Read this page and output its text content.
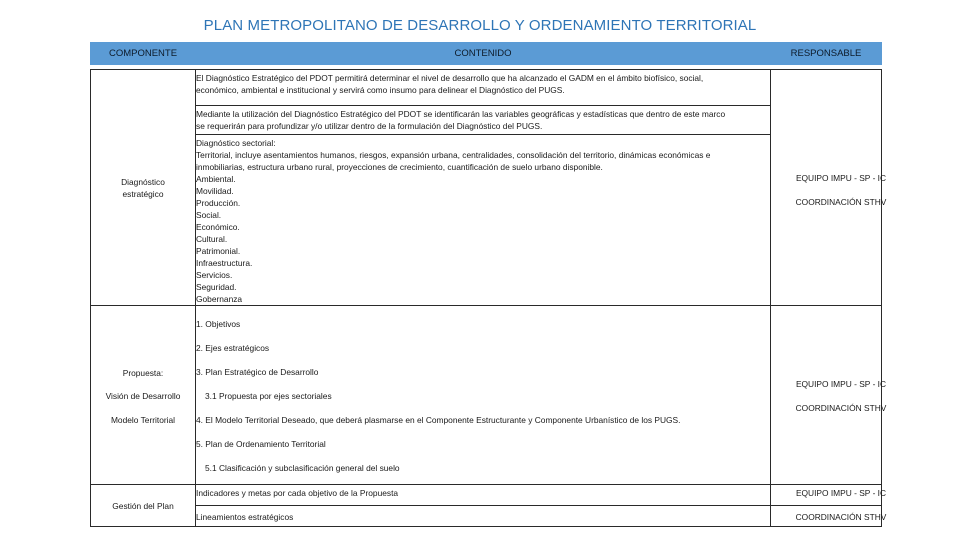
PLAN METROPOLITANO DE DESARROLLO Y ORDENAMIENTO TERRITORIAL
COMPONENTE	CONTENIDO	RESPONSABLE
Diagnóstico
estratégico
El Diagnóstico Estratégico del PDOT permitirá determinar el nivel de desarrollo que ha alcanzado el GADM en el ámbito biofísico, social,
económico, ambiental e institucional y servirá como insumo para delinear el Diagnóstico del PUGS.
Mediante la utilización del Diagnóstico Estratégico del PDOT se identificarán las variables geográficas y estadísticas que dentro de este marco
se requerirán para profundizar y/o utilizar dentro de la formulación del Diagnóstico del PUGS.
Diagnóstico sectorial:
Territorial, incluye asentamientos humanos, riesgos, expansión urbana, centralidades, consolidación del territorio, dinámicas económicas e
inmobiliarias, estructura urbano rural, proyecciones de crecimiento, cuantificación de suelo urbano disponible.
Ambiental.
Movilidad.
Producción.
Social.
Económico.
Cultural.
Patrimonial.
Infraestructura.
Servicios.
Seguridad.
Gobernanza
EQUIPO IMPU - SP - IC
COORDINACIÓN STHV
Propuesta:
Visión de Desarrollo
Modelo Territorial
1. Objetivos
2. Ejes estratégicos
3. Plan Estratégico de Desarrollo
3.1 Propuesta por ejes sectoriales
4. El Modelo Territorial Deseado, que deberá plasmarse en el Componente Estructurante y Componente Urbanístico de los PUGS.
5. Plan de Ordenamiento Territorial
5.1 Clasificación y subclasificación general del suelo
EQUIPO IMPU - SP - IC
COORDINACIÓN STHV
Gestión del Plan
Indicadores y metas por cada objetivo de la Propuesta
Lineamientos estratégicos
EQUIPO IMPU - SP - IC
COORDINACIÓN STHV
